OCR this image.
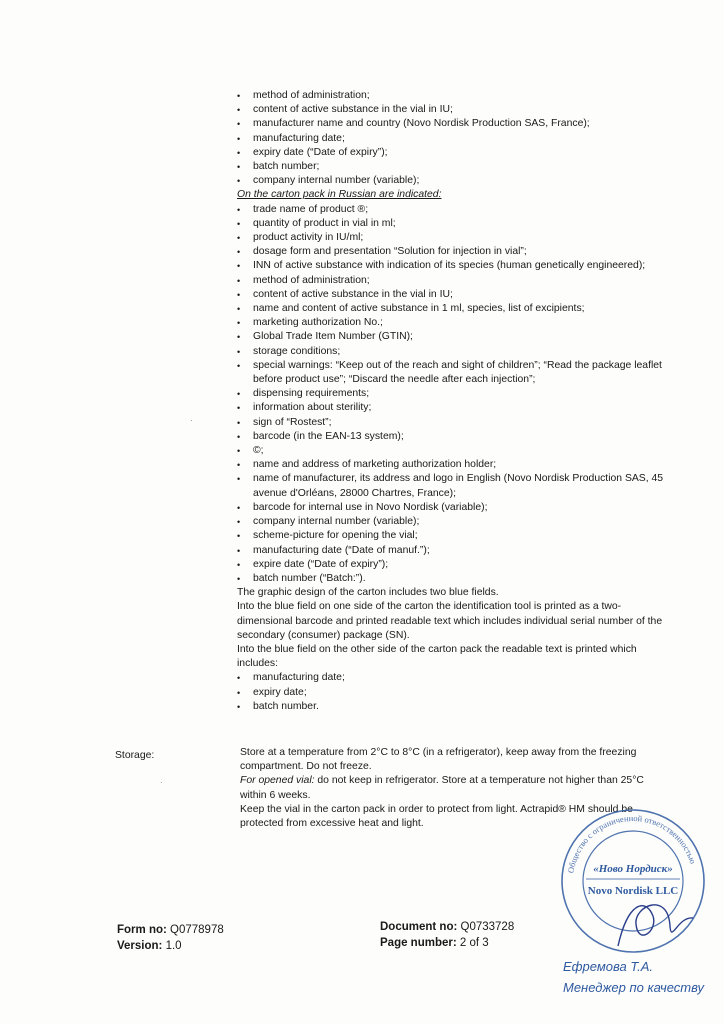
• method of administration;
• content of active substance in the vial in IU;
• manufacturer name and country (Novo Nordisk Production SAS, France);
• manufacturing date;
• expiry date (“Date of expiry”);
• batch number;
• company internal number (variable);
On the carton pack in Russian are indicated:
• trade name of product ®;
• quantity of product in vial in ml;
• product activity in IU/ml;
• dosage form and presentation “Solution for injection in vial”;
• INN of active substance with indication of its species (human genetically engineered);
• method of administration;
• content of active substance in the vial in IU;
• name and content of active substance in 1 ml, species, list of excipients;
• marketing authorization No.;
• Global Trade Item Number (GTIN);
• storage conditions;
• special warnings: “Keep out of the reach and sight of children”; “Read the package leaflet before product use”; “Discard the needle after each injection”;
• dispensing requirements;
• information about sterility;
• sign of “Rostest”;
• barcode (in the EAN-13 system);
• ©;
• name and address of marketing authorization holder;
• name of manufacturer, its address and logo in English (Novo Nordisk Production SAS, 45 avenue d'Orléans, 28000 Chartres, France);
• barcode for internal use in Novo Nordisk (variable);
• company internal number (variable);
• scheme-picture for opening the vial;
• manufacturing date (“Date of manuf.”);
• expire date (“Date of expiry”);
• batch number (“Batch:”).

The graphic design of the carton includes two blue fields.

Into the blue field on one side of the carton the identification tool is printed as a two-dimensional barcode and printed readable text which includes individual serial number of the secondary (consumer) package (SN).

Into the blue field on the other side of the carton pack the readable text is printed which includes:

• manufacturing date;
• expiry date;
• batch number.
Storage:	Store at a temperature from 2°C to 8°C (in a refrigerator), keep away from the freezing compartment. Do not freeze.

For opened vial: do not keep in refrigerator. Store at a temperature not higher than 25°C within 6 weeks.

Keep the vial in the carton pack in order to protect from light. Actrapid® HM should be protected from excessive heat and light.

Form no: Q0778978
Version: 1.0
Document no: Q0733728
Page number: 2 of 3
Общество с ограниченной ответственностью
«Ново Нордиск»
Novo Nordisk LLC
Ефремова Т.А.
Менеджер по качеству
·
·
